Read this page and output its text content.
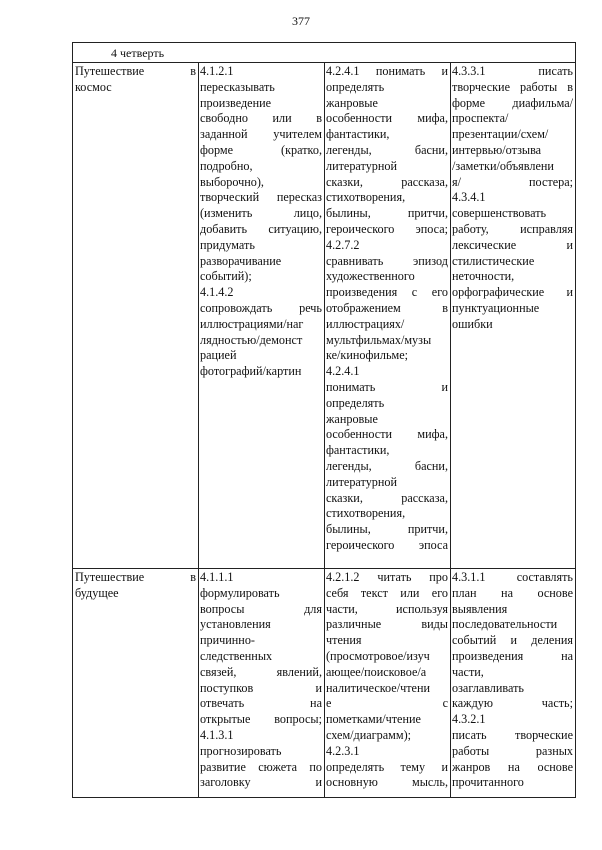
377
4 четверть
Путешествие в
космос
4.1.2.1
пересказывать
произведение
свободно или в
заданной учителем
форме (кратко,
подробно,
выборочно),
творческий пересказ
(изменить лицо,
добавить ситуацию,
придумать
разворачивание
событий);
4.1.4.2
сопровождать речь
иллюстрациями/наг
лядностью/демонст
рацией
фотографий/картин
4.2.4.1 понимать и
определять
жанровые
особенности мифа,
фантастики,
легенды, басни,
литературной
сказки, рассказа,
стихотворения,
былины, притчи,
героического эпоса;
4.2.7.2
сравнивать эпизод
художественного
произведения с его
отображением в
иллюстрациях/
мультфильмах/музы
ке/кинофильме;
4.2.4.1
понимать и
определять
жанровые
особенности мифа,
фантастики,
легенды, басни,
литературной
сказки, рассказа,
стихотворения,
былины, притчи,
героического эпоса
4.3.3.1 писать
творческие работы в
форме диафильма/
проспекта/
презентации/схем/
интервью/отзыва
/заметки/объявлени
я/ постера;
4.3.4.1
совершенствовать
работу, исправляя
лексические и
стилистические
неточности,
орфографические и
пунктуационные
ошибки
Путешествие в
будущее
4.1.1.1
формулировать
вопросы для
установления
причинно-
следственных
связей, явлений,
поступков и
отвечать на
открытые вопросы;
4.1.3.1
прогнозировать
развитие сюжета по
заголовку и
4.2.1.2 читать про
себя текст или его
части, используя
различные виды
чтения
(просмотровое/изуч
ающее/поисковое/а
налитическое/чтени
е с
пометками/чтение
схем/диаграмм);
4.2.3.1
определять тему и
основную мысль,
4.3.1.1 составлять
план на основе
выявления
последовательности
событий и деления
произведения на
части,
озаглавливать
каждую часть;
4.3.2.1
писать творческие
работы разных
жанров на основе
прочитанного
